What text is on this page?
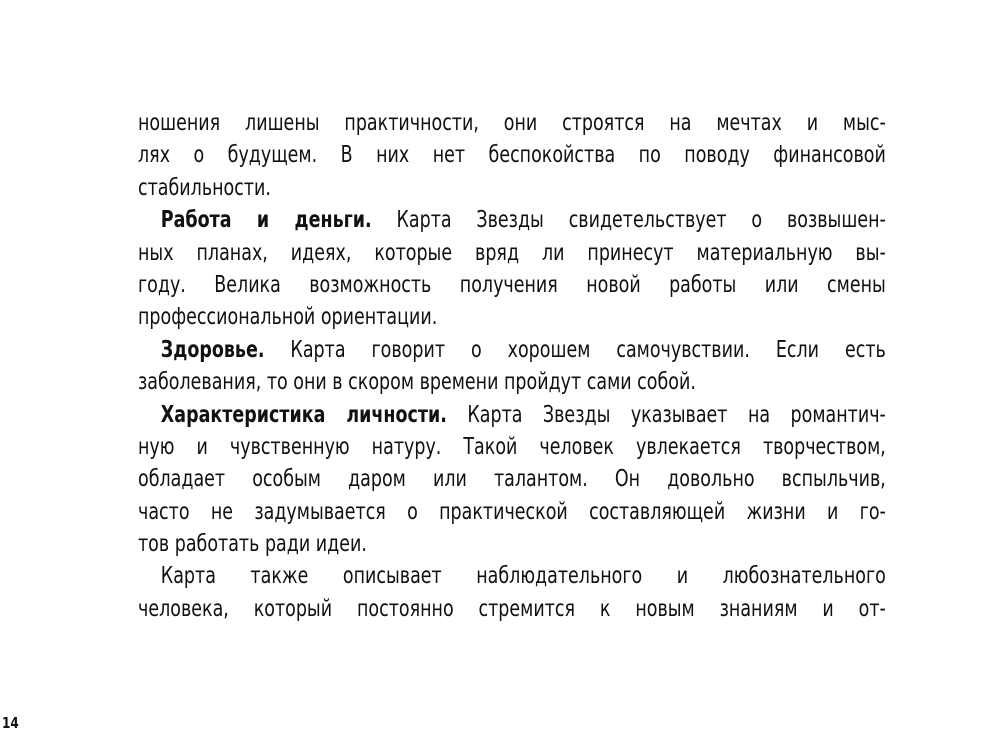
ношения лишены практичности, они строятся на мечтах и мыс-
лях о будущем. В них нет беспокойства по поводу финансовой
стабильности.
Работа и деньги. Карта Звезды свидетельствует о возвышен-
ных планах, идеях, которые вряд ли принесут материальную вы-
году. Велика возможность получения новой работы или смены
профессиональной ориентации.
Здоровье. Карта говорит о хорошем самочувствии. Если есть
заболевания, то они в скором времени пройдут сами собой.
Характеристика личности. Карта Звезды указывает на романтич-
ную и чувственную натуру. Такой человек увлекается творчеством,
обладает особым даром или талантом. Он довольно вспыльчив,
часто не задумывается о практической составляющей жизни и го-
тов работать ради идеи.
Карта также описывает наблюдательного и любознательного
человека, который постоянно стремится к новым знаниям и от-
14
